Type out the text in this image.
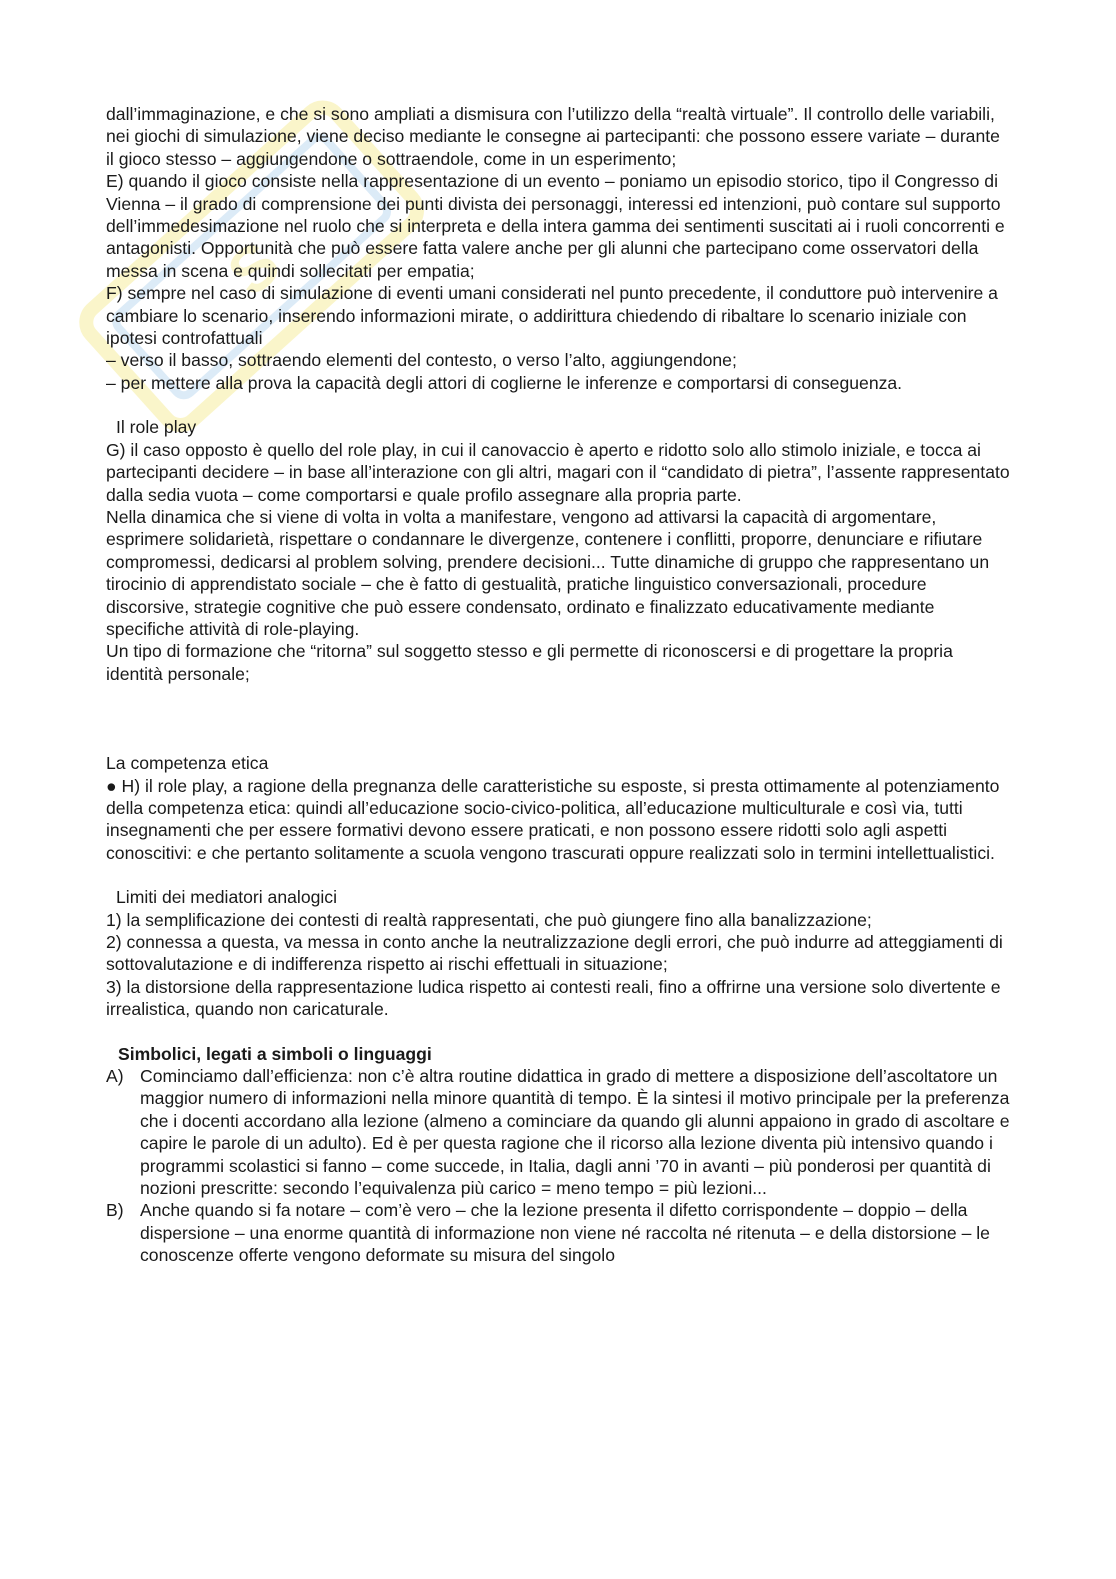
S

dall’immaginazione, e che si sono ampliati a dismisura con l’utilizzo della “realtà virtuale”. Il controllo delle variabili, nei giochi di simulazione, viene deciso mediante le consegne ai partecipanti: che possono essere variate – durante il gioco stesso – aggiungendone o sottraendole, come in un esperimento;

E) quando il gioco consiste nella rappresentazione di un evento – poniamo un episodio storico, tipo il Congresso di Vienna – il grado di comprensione dei punti divista dei personaggi, interessi ed intenzioni, può contare sul supporto dell’immedesimazione nel ruolo che si interpreta e della intera gamma dei sentimenti suscitati ai i ruoli concorrenti e antagonisti. Opportunità che può essere fatta valere anche per gli alunni che partecipano come osservatori della messa in scena e quindi sollecitati per empatia;

F) sempre nel caso di simulazione di eventi umani considerati nel punto precedente, il conduttore può intervenire a cambiare lo scenario, inserendo informazioni mirate, o addirittura chiedendo di ribaltare lo scenario iniziale con ipotesi controfattuali

– verso il basso, sottraendo elementi del contesto, o verso l’alto, aggiungendone;

– per mettere alla prova la capacità degli attori di coglierne le inferenze e comportarsi di conseguenza.

Il role play

G) il caso opposto è quello del role play, in cui il canovaccio è aperto e ridotto solo allo stimolo iniziale, e tocca ai partecipanti decidere – in base all’interazione con gli altri, magari con il “candidato di pietra”, l’assente rappresentato dalla sedia vuota – come comportarsi e quale profilo assegnare alla propria parte.

Nella dinamica che si viene di volta in volta a manifestare, vengono ad attivarsi la capacità di argomentare, esprimere solidarietà, rispettare o condannare le divergenze, contenere i conflitti, proporre, denunciare e rifiutare compromessi, dedicarsi al problem solving, prendere decisioni... Tutte dinamiche di gruppo che rappresentano un tirocinio di apprendistato sociale – che è fatto di gestualità, pratiche linguistico conversazionali, procedure discorsive, strategie cognitive che può essere condensato, ordinato e finalizzato educativamente mediante specifiche attività di role-playing.

Un tipo di formazione che “ritorna” sul soggetto stesso e gli permette di riconoscersi e di progettare la propria identità personale;

La competenza etica

● H) il role play, a ragione della pregnanza delle caratteristiche su esposte, si presta ottimamente al potenziamento della competenza etica: quindi all’educazione socio-civico-politica, all’educazione multiculturale e così via, tutti insegnamenti che per essere formativi devono essere praticati, e non possono essere ridotti solo agli aspetti conoscitivi: e che pertanto solitamente a scuola vengono trascurati oppure realizzati solo in termini intellettualistici.

Limiti dei mediatori analogici

1) la semplificazione dei contesti di realtà rappresentati, che può giungere fino alla banalizzazione;

2) connessa a questa, va messa in conto anche la neutralizzazione degli errori, che può indurre ad atteggiamenti di sottovalutazione e di indifferenza rispetto ai rischi effettuali in situazione;

3) la distorsione della rappresentazione ludica rispetto ai contesti reali, fino a offrirne una versione solo divertente e irrealistica, quando non caricaturale.

Simbolici, legati a simboli o linguaggi

A) Cominciamo dall’efficienza: non c’è altra routine didattica in grado di mettere a disposizione dell’ascoltatore un maggior numero di informazioni nella minore quantità di tempo. È la sintesi il motivo principale per la preferenza che i docenti accordano alla lezione (almeno a cominciare da quando gli alunni appaiono in grado di ascoltare e capire le parole di un adulto). Ed è per questa ragione che il ricorso alla lezione diventa più intensivo quando i programmi scolastici si fanno – come succede, in Italia, dagli anni ’70 in avanti – più ponderosi per quantità di nozioni prescritte: secondo l’equivalenza più carico = meno tempo = più lezioni...
B) Anche quando si fa notare – com’è vero – che la lezione presenta il difetto corrispondente – doppio – della dispersione – una enorme quantità di informazione non viene né raccolta né ritenuta – e della distorsione – le conoscenze offerte vengono deformate su misura del singolo
